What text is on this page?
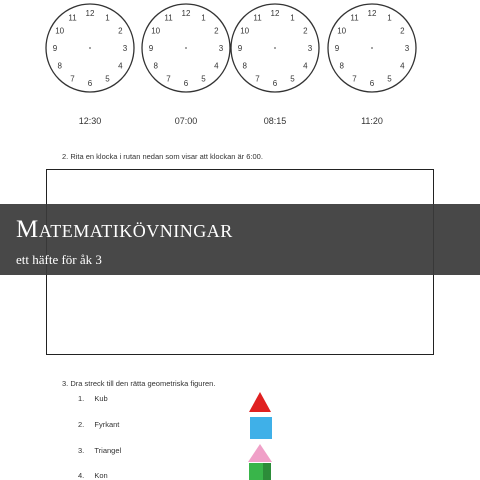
12
1
2
3
4
5
6
7
8
9
10
11
12
1
2
3
4
5
6
7
8
9
10
11
12
1
2
3
4
5
6
7
8
9
10
11
12
1
2
3
4
5
6
7
8
9
10
11
12:30	07:00	08:15	11:20
2. Rita en klocka i rutan nedan som visar att klockan är 6:00.
Matematikövningar
ett häfte för åk 3
3. Dra streck till den rätta geometriska figuren.
1. Kub
2. Fyrkant
3. Triangel
4. Kon
